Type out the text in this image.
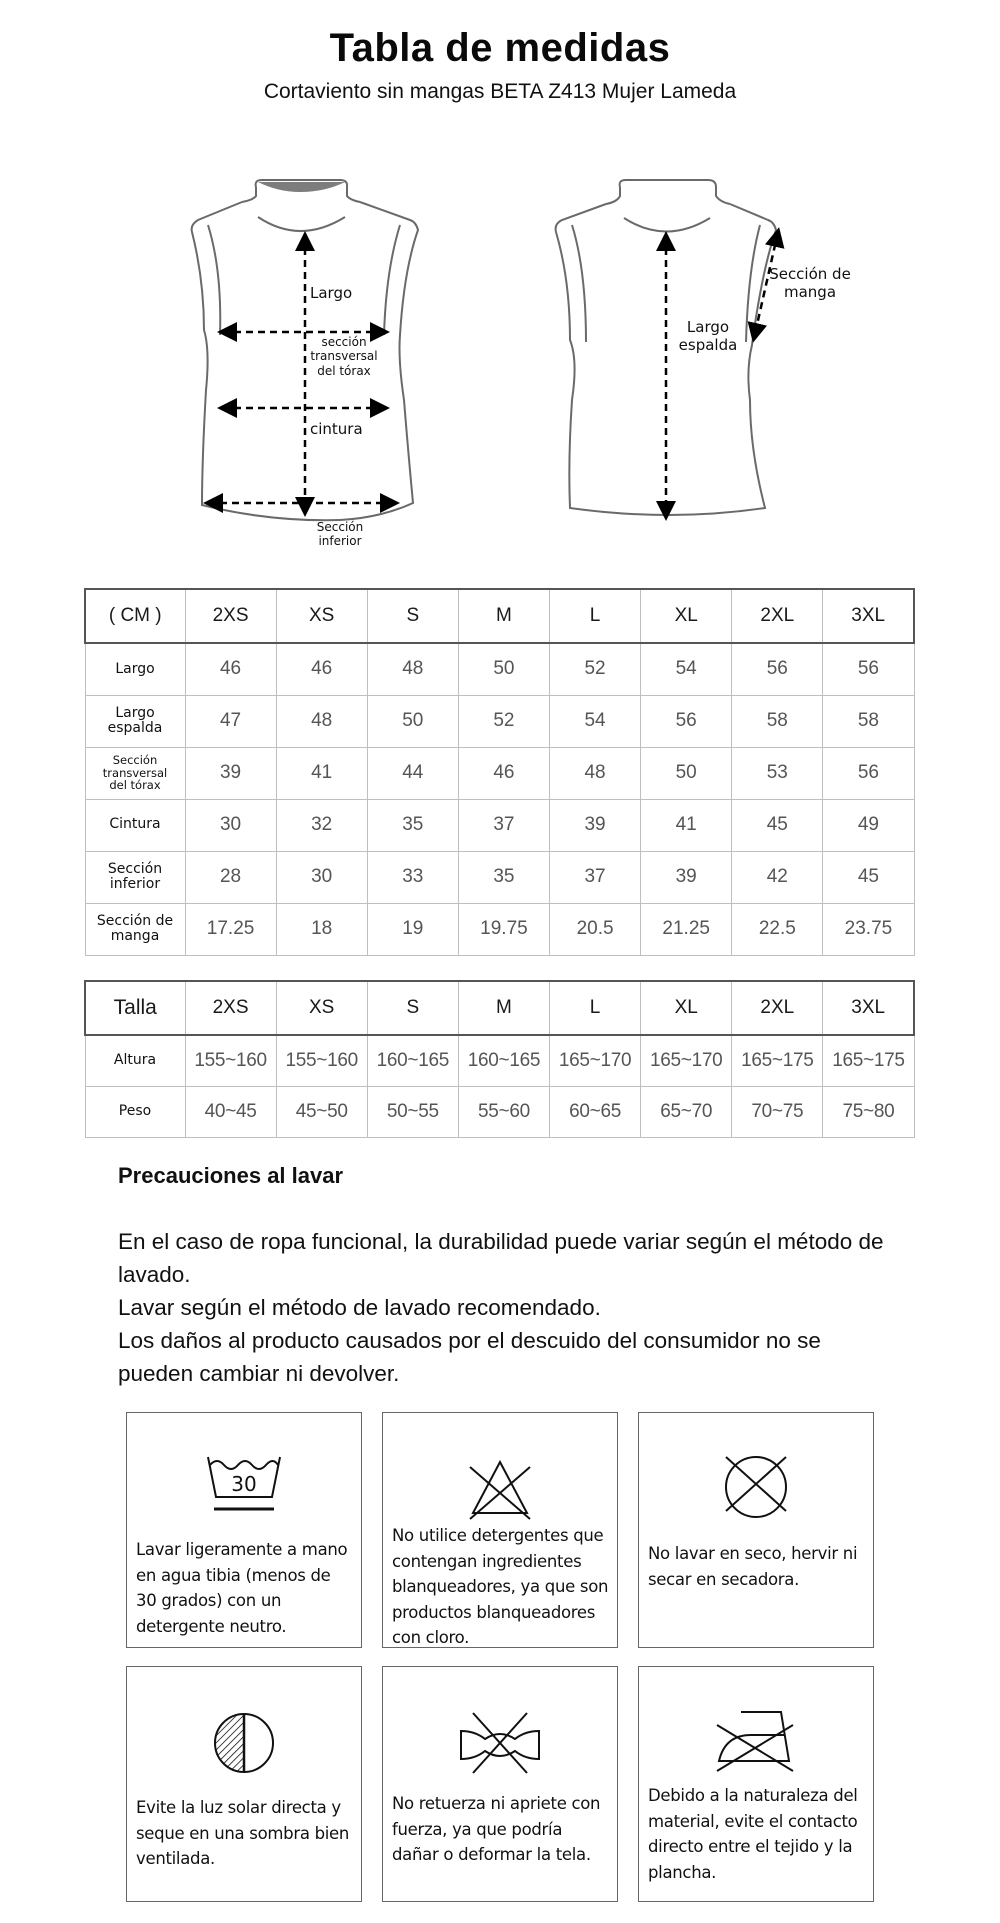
Tabla de medidas
Cortaviento sin mangas BETA Z413 Mujer Lameda
Largo
sección
transversal
del tórax
cintura
Sección
inferior
Largo
espalda
Sección de
manga
( CM )	2XS	XS	S	M	L	XL	2XL	3XL

Largo	46	46	48	50	52	54	56	56

Largo
espalda	47	48	50	52	54	56	58	58

Sección
transversal
del tórax	39	41	44	46	48	50	53	56

Cintura	30	32	35	37	39	41	45	49

Sección
inferior	28	30	33	35	37	39	42	45

Sección de
manga	17.25	18	19	19.75	20.5	21.25	22.5	23.75
Talla	2XS	XS	S	M	L	XL	2XL	3XL
Altura	155~160	155~160	160~165	160~165	165~170	165~170	165~175	165~175
Peso	40~45	45~50	50~55	55~60	60~65	65~70	70~75	75~80
Precauciones al lavar

En el caso de ropa funcional, la durabilidad puede variar según el método de lavado.

Lavar según el método de lavado recomendado.

Los daños al producto causados por el descuido del consumidor no se pueden cambiar ni devolver.

30
Lavar ligeramente a mano en agua tibia (menos de 30 grados) con un detergente neutro.
No utilice detergentes que contengan ingredientes blanqueadores, ya que son productos blanqueadores con cloro.
No lavar en seco, hervir ni secar en secadora.
Evite la luz solar directa y seque en una sombra bien ventilada.
No retuerza ni apriete con fuerza, ya que podría dañar o deformar la tela.
Debido a la naturaleza del material, evite el contacto directo entre el tejido y la plancha.
